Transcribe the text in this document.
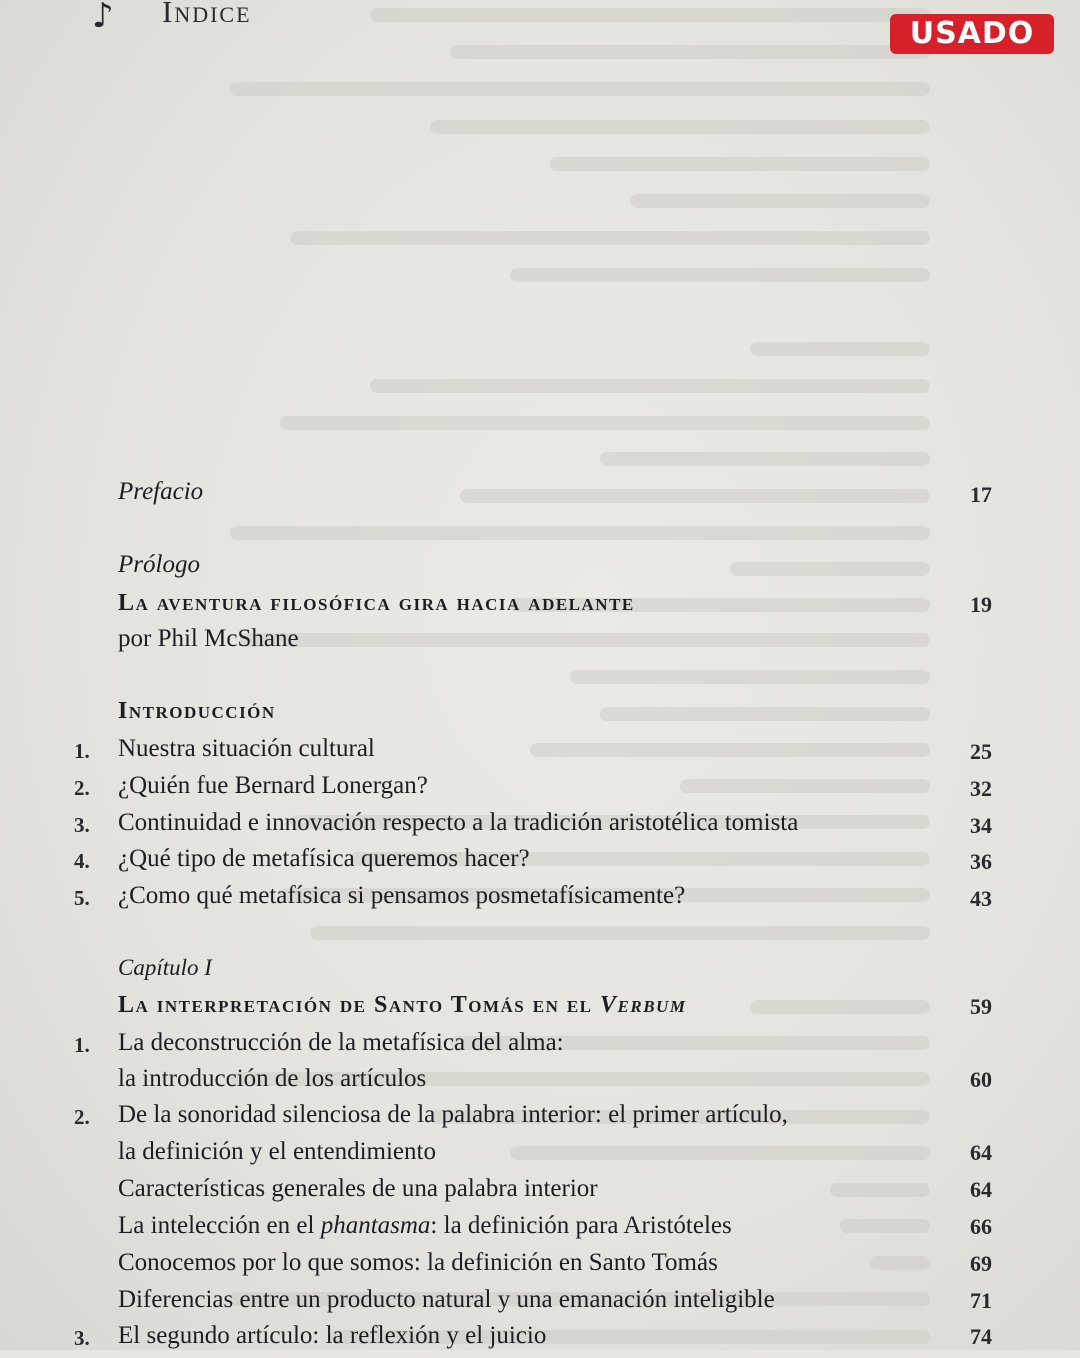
♪ Indice
USADO
Prefacio	17
Prólogo
La aventura filosófica gira hacia adelante	19
por Phil McShane
Introducción
1. Nuestra situación cultural	25
2. ¿Quién fue Bernard Lonergan?	32
3. Continuidad e innovación respecto a la tradición aristotélica tomista	34
4. ¿Qué tipo de metafísica queremos hacer?	36
5. ¿Como qué metafísica si pensamos posmetafísicamente?	43
Capítulo I
La interpretación de Santo Tomás en el Verbum	59
1. La deconstrucción de la metafísica del alma:
la introducción de los artículos	60
2. De la sonoridad silenciosa de la palabra interior: el primer artículo,
la definición y el entendimiento	64
Características generales de una palabra interior	64
La intelección en el phantasma: la definición para Aristóteles	66
Conocemos por lo que somos: la definición en Santo Tomás	69
Diferencias entre un producto natural y una emanación inteligible	71
3. El segundo artículo: la reflexión y el juicio	74
